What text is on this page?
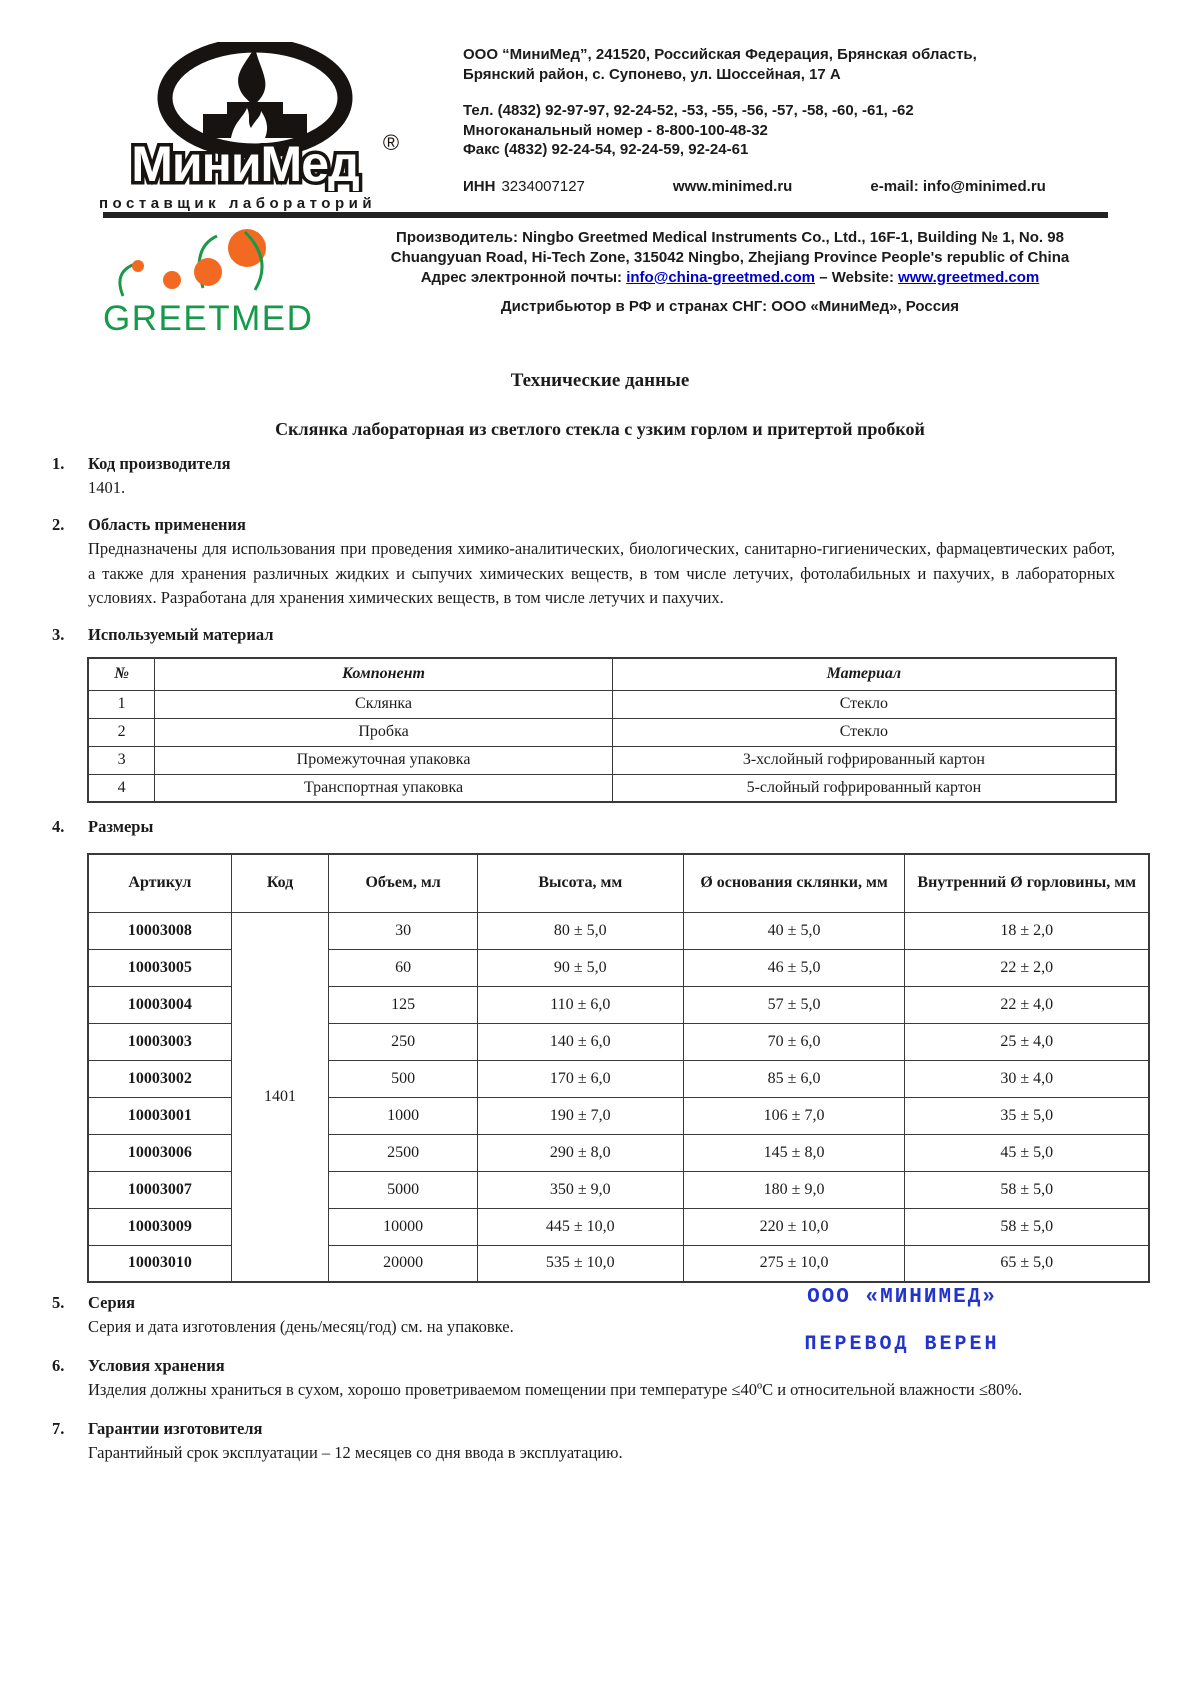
МиниМед ®
поставщик лабораторий
ООО “МиниМед”, 241520, Российская Федерация, Брянская область,
Брянский район, с. Супонево, ул. Шоссейная, 17 А
Тел. (4832) 92-97-97, 92-24-52, -53, -55, -56, -57, -58, -60, -61, -62
Многоканальный номер - 8-800-100-48-32
Факс (4832) 92-24-54, 92-24-59, 92-24-61
ИНН 3234007127	www.minimed.ru	e-mail: info@minimed.ru
GREETMED
Производитель: Ningbo Greetmed Medical Instruments Co., Ltd., 16F-1, Building № 1, No. 98
Chuangyuan Road, Hi-Tech Zone, 315042 Ningbo, Zhejiang Province People's republic of China
Адрес электронной почты: info@china-greetmed.com – Website: www.greetmed.com
Дистрибьютор в РФ и странах СНГ: ООО «МиниМед», Россия
Технические данные
Склянка лабораторная из светлого стекла с узким горлом и притертой пробкой
1.	Код производителя
1401.
2.	Область применения
Предназначены для использования при проведения химико-аналитических, биологических, санитарно-гигиенических, фармацевтических работ, а также для хранения различных жидких и сыпучих химических веществ, в том числе летучих, фотолабильных и пахучих, в лабораторных условиях. Разработана для хранения химических веществ, в том числе летучих и пахучих.
3.	Используемый материал
№	Компонент	Материал
1	Склянка	Стекло
2	Пробка	Стекло
3	Промежуточная упаковка	3-хслойный гофрированный картон
4	Транспортная упаковка	5-слойный гофрированный картон
4.	Размеры
Артикул	Код	Объем, мл	Высота, мм	Ø основания склянки, мм	Внутренний Ø горловины, мм
10003008	1401	30	80 ± 5,0	40 ± 5,0	18 ± 2,0
10003005		60	90 ± 5,0	46 ± 5,0	22 ± 2,0
10003004		125	110 ± 6,0	57 ± 5,0	22 ± 4,0
10003003		250	140 ± 6,0	70 ± 6,0	25 ± 4,0
10003002		500	170 ± 6,0	85 ± 6,0	30 ± 4,0
10003001		1000	190 ± 7,0	106 ± 7,0	35 ± 5,0
10003006		2500	290 ± 8,0	145 ± 8,0	45 ± 5,0
10003007		5000	350 ± 9,0	180 ± 9,0	58 ± 5,0
10003009		10000	445 ± 10,0	220 ± 10,0	58 ± 5,0
10003010		20000	535 ± 10,0	275 ± 10,0	65 ± 5,0
ООО «МИНИМЕД»
ПЕРЕВОД ВЕРЕН
5.	Серия
Серия и дата изготовления (день/месяц/год) см. на упаковке.
6.	Условия хранения
Изделия должны храниться в сухом, хорошо проветриваемом помещении при температуре ≤40ºС и относительной влажности ≤80%.
7.	Гарантии изготовителя
Гарантийный срок эксплуатации – 12 месяцев со дня ввода в эксплуатацию.
